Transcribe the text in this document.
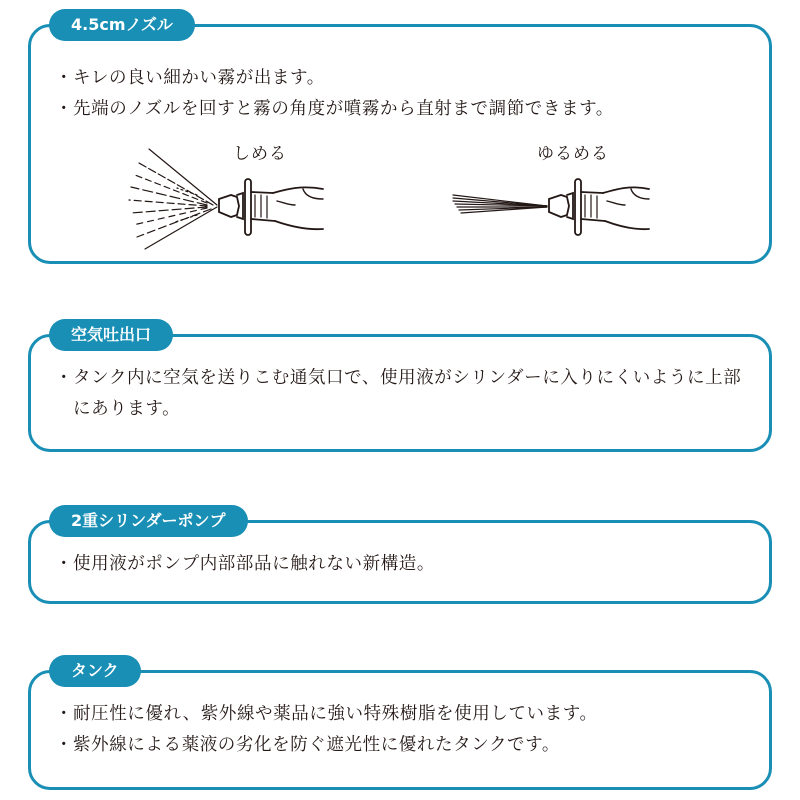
4.5cmノズル
・ キレの良い細かい霧が出ます。
・ 先端のノズルを回すと霧の角度が噴霧から直射まで調節できます。
しめる	ゆるめる
空気吐出口
・ タンク内に空気を送りこむ通気口で、使用液がシリンダーに入りにくいように上部にあります。
2重シリンダーポンプ
・ 使用液がポンプ内部部品に触れない新構造。
タンク
・ 耐圧性に優れ、紫外線や薬品に強い特殊樹脂を使用しています。
・ 紫外線による薬液の劣化を防ぐ遮光性に優れたタンクです。
